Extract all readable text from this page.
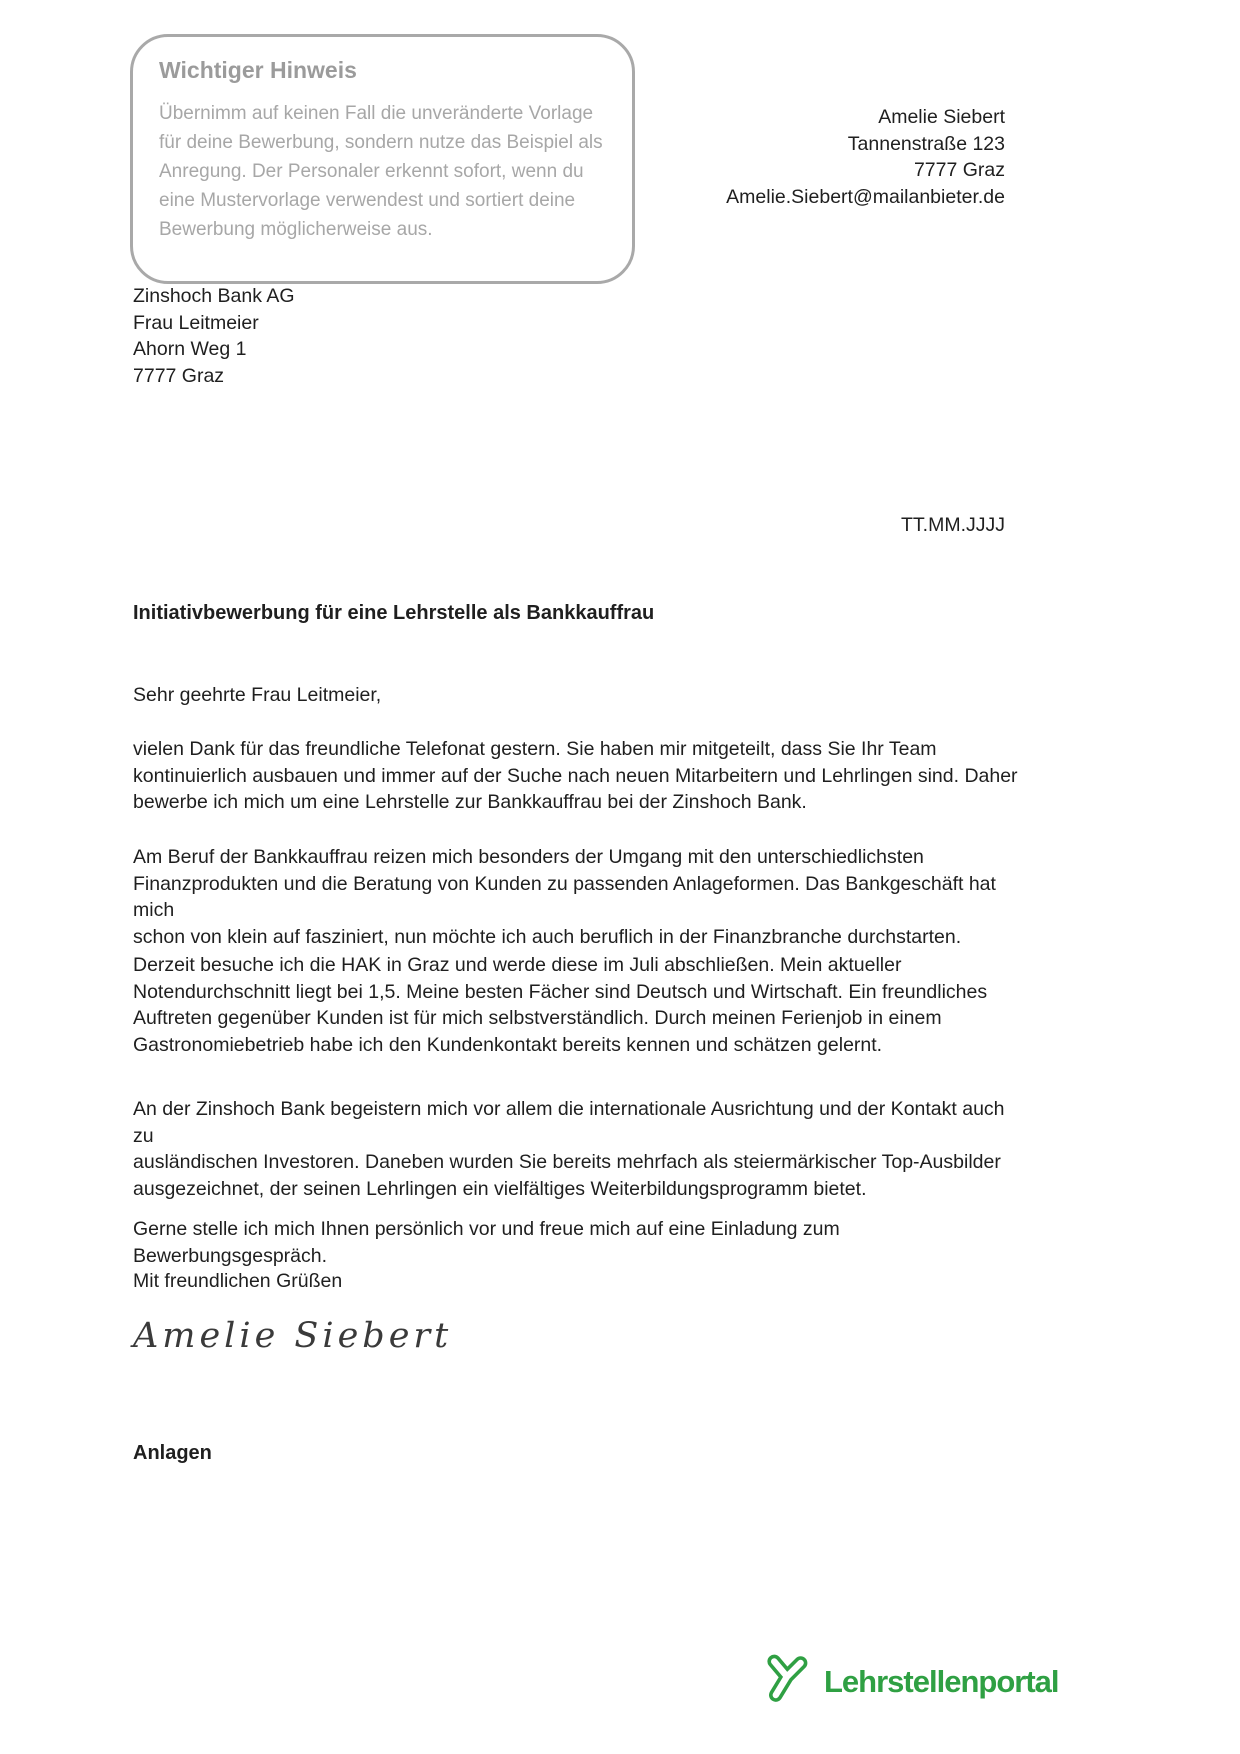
Wichtiger Hinweis
Übernimm auf keinen Fall die unveränderte Vorlage
für deine Bewerbung, sondern nutze das Beispiel als
Anregung. Der Personaler erkennt sofort, wenn du
eine Mustervorlage verwendest und sortiert deine
Bewerbung möglicherweise aus.
Amelie Siebert
Tannenstraße 123
7777 Graz
Amelie.Siebert@mailanbieter.de
Zinshoch Bank AG
Frau Leitmeier
Ahorn Weg 1
7777 Graz
TT.MM.JJJJ
Initiativbewerbung für eine Lehrstelle als Bankkauffrau
Sehr geehrte Frau Leitmeier,
vielen Dank für das freundliche Telefonat gestern. Sie haben mir mitgeteilt, dass Sie Ihr Team
kontinuierlich ausbauen und immer auf der Suche nach neuen Mitarbeitern und Lehrlingen sind. Daher
bewerbe ich mich um eine Lehrstelle zur Bankkauffrau bei der Zinshoch Bank.
Am Beruf der Bankkauffrau reizen mich besonders der Umgang mit den unterschiedlichsten
Finanzprodukten und die Beratung von Kunden zu passenden Anlageformen. Das Bankgeschäft hat mich
schon von klein auf fasziniert, nun möchte ich auch beruflich in der Finanzbranche durchstarten.
Derzeit besuche ich die HAK in Graz und werde diese im Juli abschließen. Mein aktueller
Notendurchschnitt liegt bei 1,5. Meine besten Fächer sind Deutsch und Wirtschaft. Ein freundliches
Auftreten gegenüber Kunden ist für mich selbstverständlich. Durch meinen Ferienjob in einem
Gastronomiebetrieb habe ich den Kundenkontakt bereits kennen und schätzen gelernt.
An der Zinshoch Bank begeistern mich vor allem die internationale Ausrichtung und der Kontakt auch zu
ausländischen Investoren. Daneben wurden Sie bereits mehrfach als steiermärkischer Top-Ausbilder
ausgezeichnet, der seinen Lehrlingen ein vielfältiges Weiterbildungsprogramm bietet.
Gerne stelle ich mich Ihnen persönlich vor und freue mich auf eine Einladung zum Bewerbungsgespräch.
Mit freundlichen Grüßen
Amelie Siebert
Anlagen
Lehrstellenportal
